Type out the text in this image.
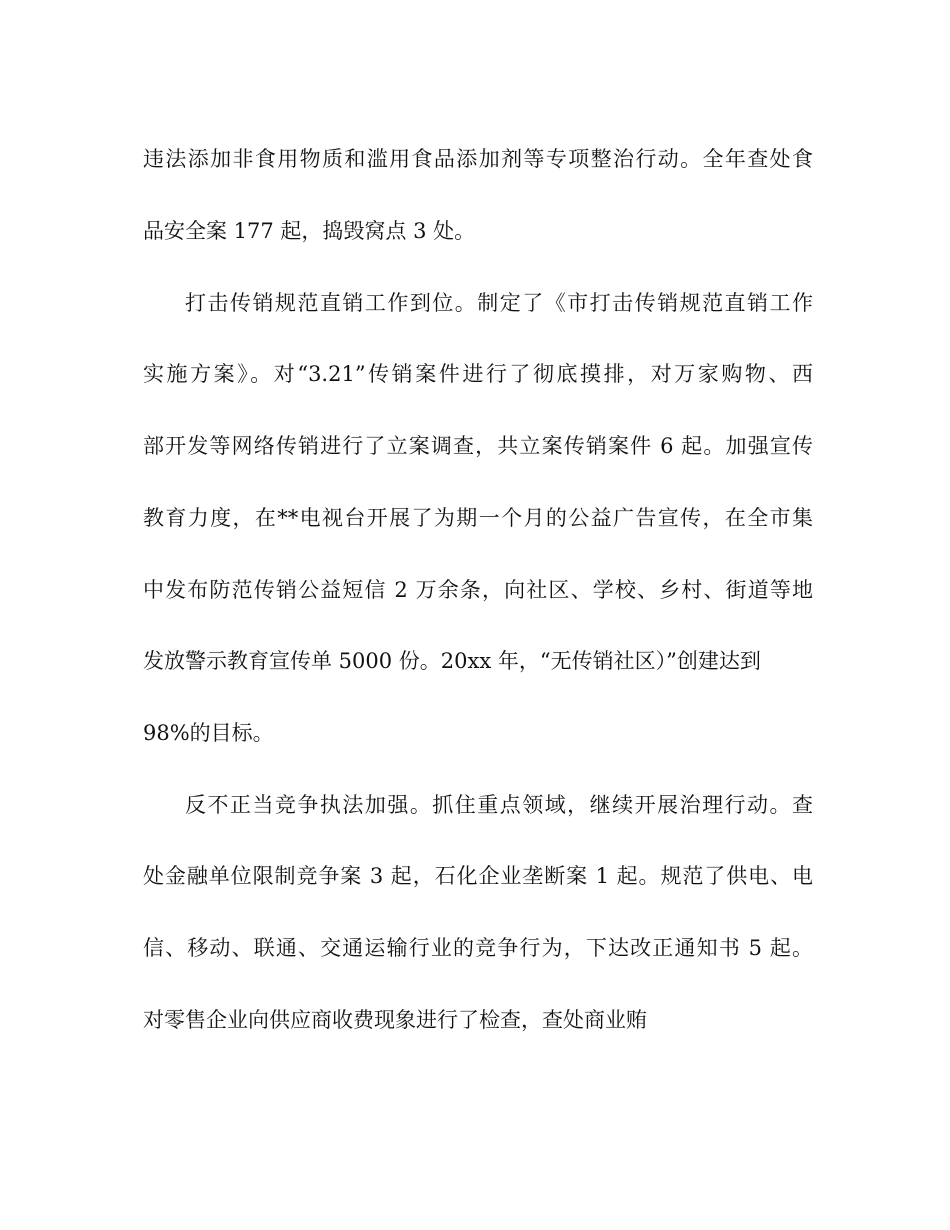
违法添加非食用物质和滥用食品添加剂等专项整治行动。全年查处食
品安全案 177 起，捣毁窝点 3 处。
打击传销规范直销工作到位。制定了《市打击传销规范直销工作
实施方案》。对“3.21”传销案件进行了彻底摸排，对万家购物、西
部开发等网络传销进行了立案调查，共立案传销案件 6 起。加强宣传
教育力度，在**电视台开展了为期一个月的公益广告宣传，在全市集
中发布防范传销公益短信 2 万余条，向社区、学校、乡村、街道等地
发放警示教育宣传单 5000 份。20xx 年，“无传销社区）”创建达到
98%的目标。
反不正当竞争执法加强。抓住重点领域，继续开展治理行动。查
处金融单位限制竞争案 3 起，石化企业垄断案 1 起。规范了供电、电
信、移动、联通、交通运输行业的竞争行为，下达改正通知书 5 起。
对零售企业向供应商收费现象进行了检查，查处商业贿
